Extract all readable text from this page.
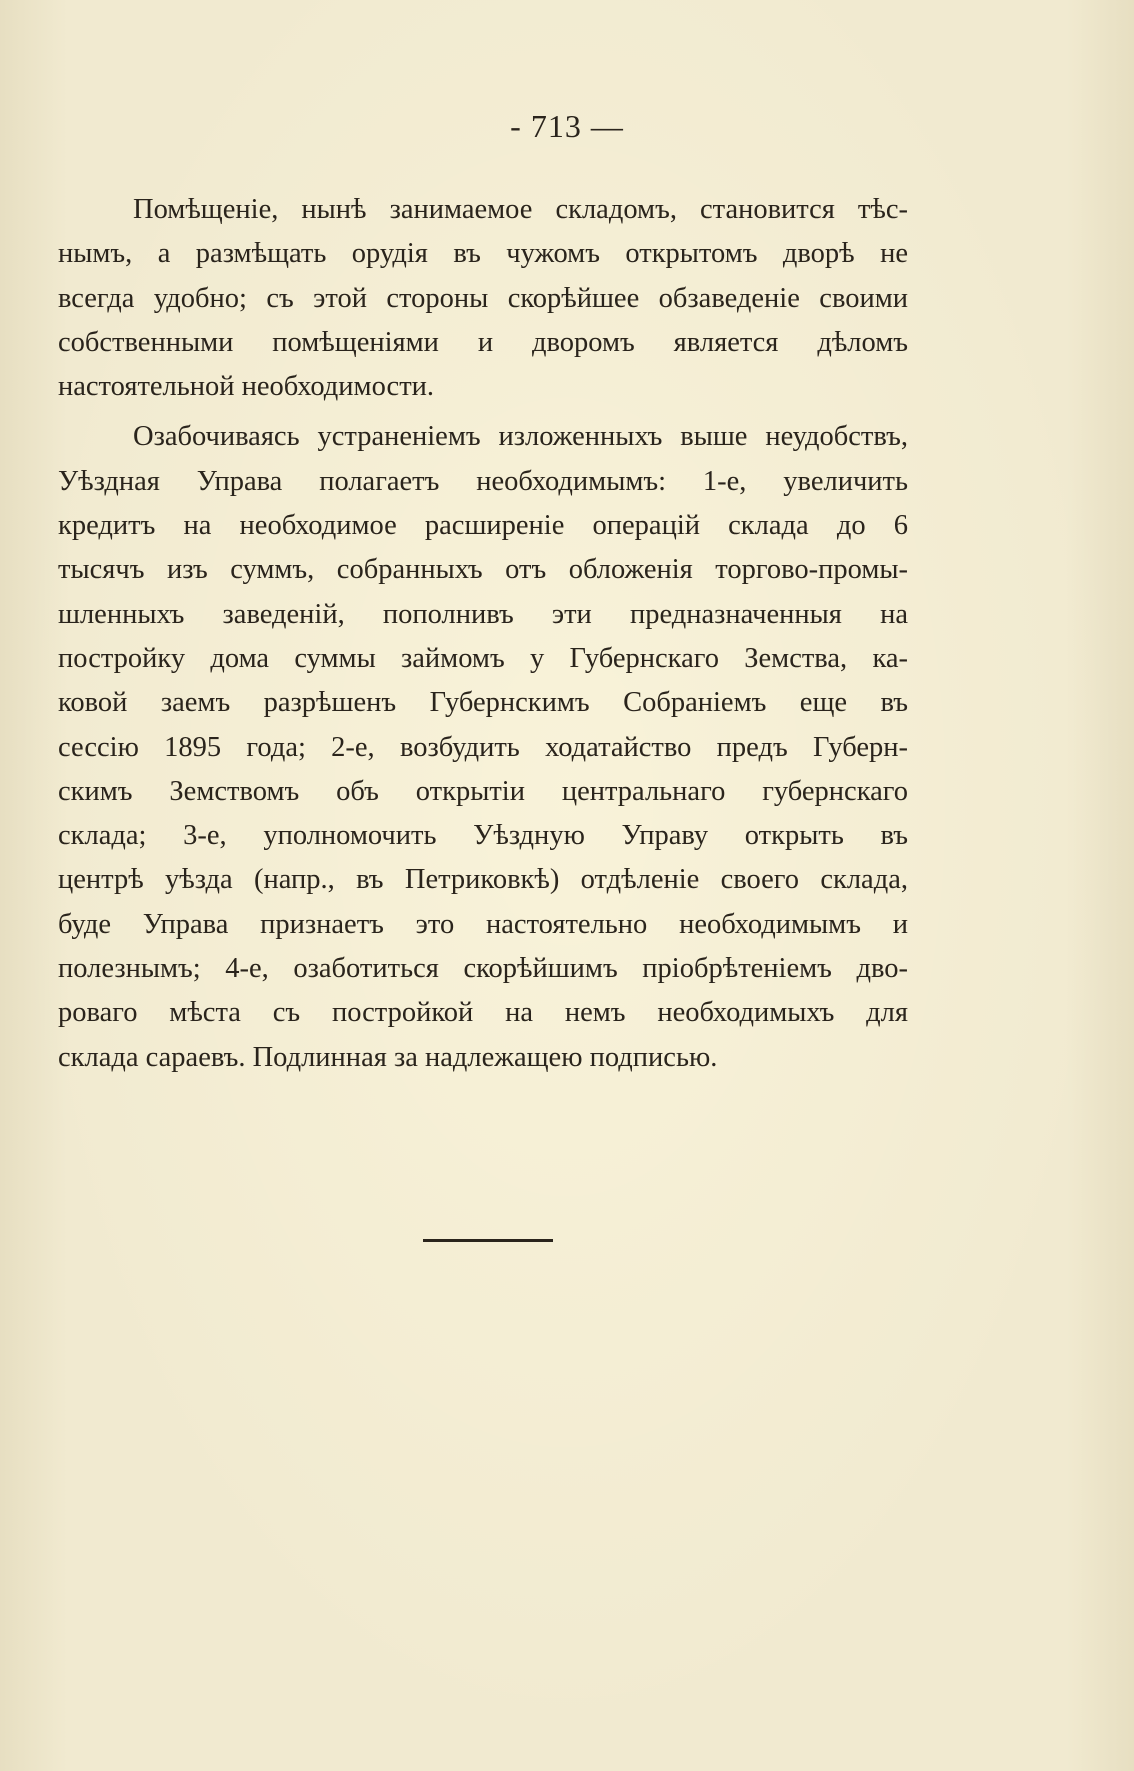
- 713 —
Помѣщеніе, нынѣ занимаемое складомъ, становится тѣс-
нымъ, а размѣщать орудія въ чужомъ открытомъ дворѣ не
всегда удобно; съ этой стороны скорѣйшее обзаведеніе своими
собственными помѣщеніями и дворомъ является дѣломъ
настоятельной необходимости.
Озабочиваясь устраненіемъ изложенныхъ выше неудобствъ,
Уѣздная Управа полагаетъ необходимымъ: 1-е, увеличить
кредитъ на необходимое расширеніе операцій склада до 6
тысячъ изъ суммъ, собранныхъ отъ обложенія торгово-промы-
шленныхъ заведеній, пополнивъ эти предназначенныя на
постройку дома суммы займомъ у Губернскаго Земства, ка-
ковой заемъ разрѣшенъ Губернскимъ Собраніемъ еще въ
сессію 1895 года; 2-е, возбудить ходатайство предъ Губерн-
скимъ Земствомъ объ открытіи центральнаго губернскаго
склада; 3-е, уполномочить Уѣздную Управу открыть въ
центрѣ уѣзда (напр., въ Петриковкѣ) отдѣленіе своего склада,
буде Управа признаетъ это настоятельно необходимымъ и
полезнымъ; 4-е, озаботиться скорѣйшимъ пріобрѣтеніемъ дво-
роваго мѣста съ постройкой на немъ необходимыхъ для
склада сараевъ. Подлинная за надлежащею подписью.
